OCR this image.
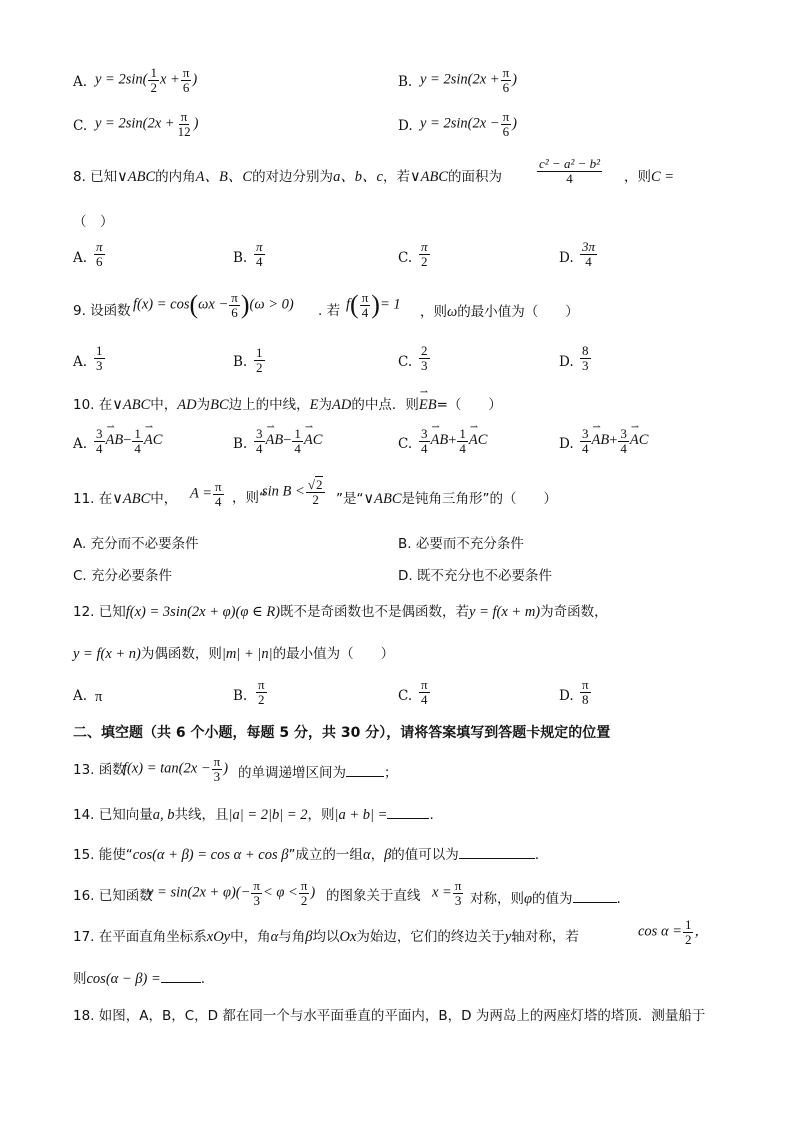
A. $y = 2\sin( \frac{1}{2}$ $x + \frac{\pi}{6}$ )	B. $y = 2\sin(2x + \frac{\pi}{6}$ )
C. $y = 2\sin(2x + \frac{\pi}{12}$ )	D. $y = 2\sin(2x - \frac{\pi}{6}$ )
8. 已知∨ABC的内角A、B、C的对边分别为a、b、c，若∨ABC的面积为	$\frac{\text{c² − a² − b²}}{4}$ ，则C =
（　）
A. $\frac{\pi}{6}$	B. $\frac{\pi}{4}$	C. $\frac{\pi}{2}$	D. $\frac{3\pi}{4}$
9. 设函数 $f(x) = \cos(\omega x - \frac{\pi}{6} )(\omega > 0)$ . 若 $f( \frac{\pi}{4}$ )= 1 ，则ω的最小值为（　　）
A. $\frac{1}{3}$	B. $\frac{1}{2}$	C. $\frac{2}{3}$	D. $\frac{8}{3}$
10. 在∨ABC中，AD为BC边上的中线，E为AD的中点．则⇀ EB=（　　）
A. $\frac{3}{4}$ ⇀ $AB- \frac{1}{4}$ ⇀ AC	B. $\frac{3}{4}$ ⇀ $AB- \frac{1}{4}$ ⇀ AC	C. $\frac{3}{4}$ ⇀ $AB+ \frac{1}{4}$ ⇀ AC	D. $\frac{3}{4}$ ⇀ $AB+ \frac{3}{4}$ ⇀ AC
11. 在∨ABC中， $A = \frac{\pi}{4}$ ，则“
$\sin B < \frac{√2}{2}$ ”是“∨ABC是钝角三角形”的（　　）
A. 充分而不必要条件	B. 必要而不充分条件
C. 充分必要条件	D. 既不充分也不必要条件
12. 已知f(x) = 3sin(2x + φ)(φ ∈ R)既不是奇函数也不是偶函数，若y = f(x + m)为奇函数，
y = f(x + n)为偶函数，则|m| + |n|的最小值为（　　）
A. π	B. $\frac{\pi}{2}$	C. $\frac{\pi}{4}$	D. $\frac{\pi}{8}$
二、填空题（共 6 个小题，每题 5 分，共 30 分），请将答案填写到答题卡规定的位置
13. 函数
$f(x) = \tan(2x - \frac{\pi}{3}$ ) 的单调递增区间为	；
14. 已知向量a, b共线，且|a| = 2|b| = 2，则|a + b| =	.
15. 能使“cos(α + β) = cos α + cos β”成立的一组α，β的值可以为	.
16. 已知函数
$y = \sin(2x + \varphi)(- \frac{\pi}{3} < \varphi < \frac{\pi}{2}$ ) 的图象关于直线 $x = \frac{\pi}{3}$ 对称，则φ的值为	.
17. 在平面直角坐标系xOy中，角α与角β均以Ox为始边，它们的终边关于y轴对称，若	$\cos \alpha = \frac{1}{2}$ ，
则cos(α − β) =	.
18. 如图，A，B，C，D 都在同一个与水平面垂直的平面内，B，D 为两岛上的两座灯塔的塔顶．测量船于
